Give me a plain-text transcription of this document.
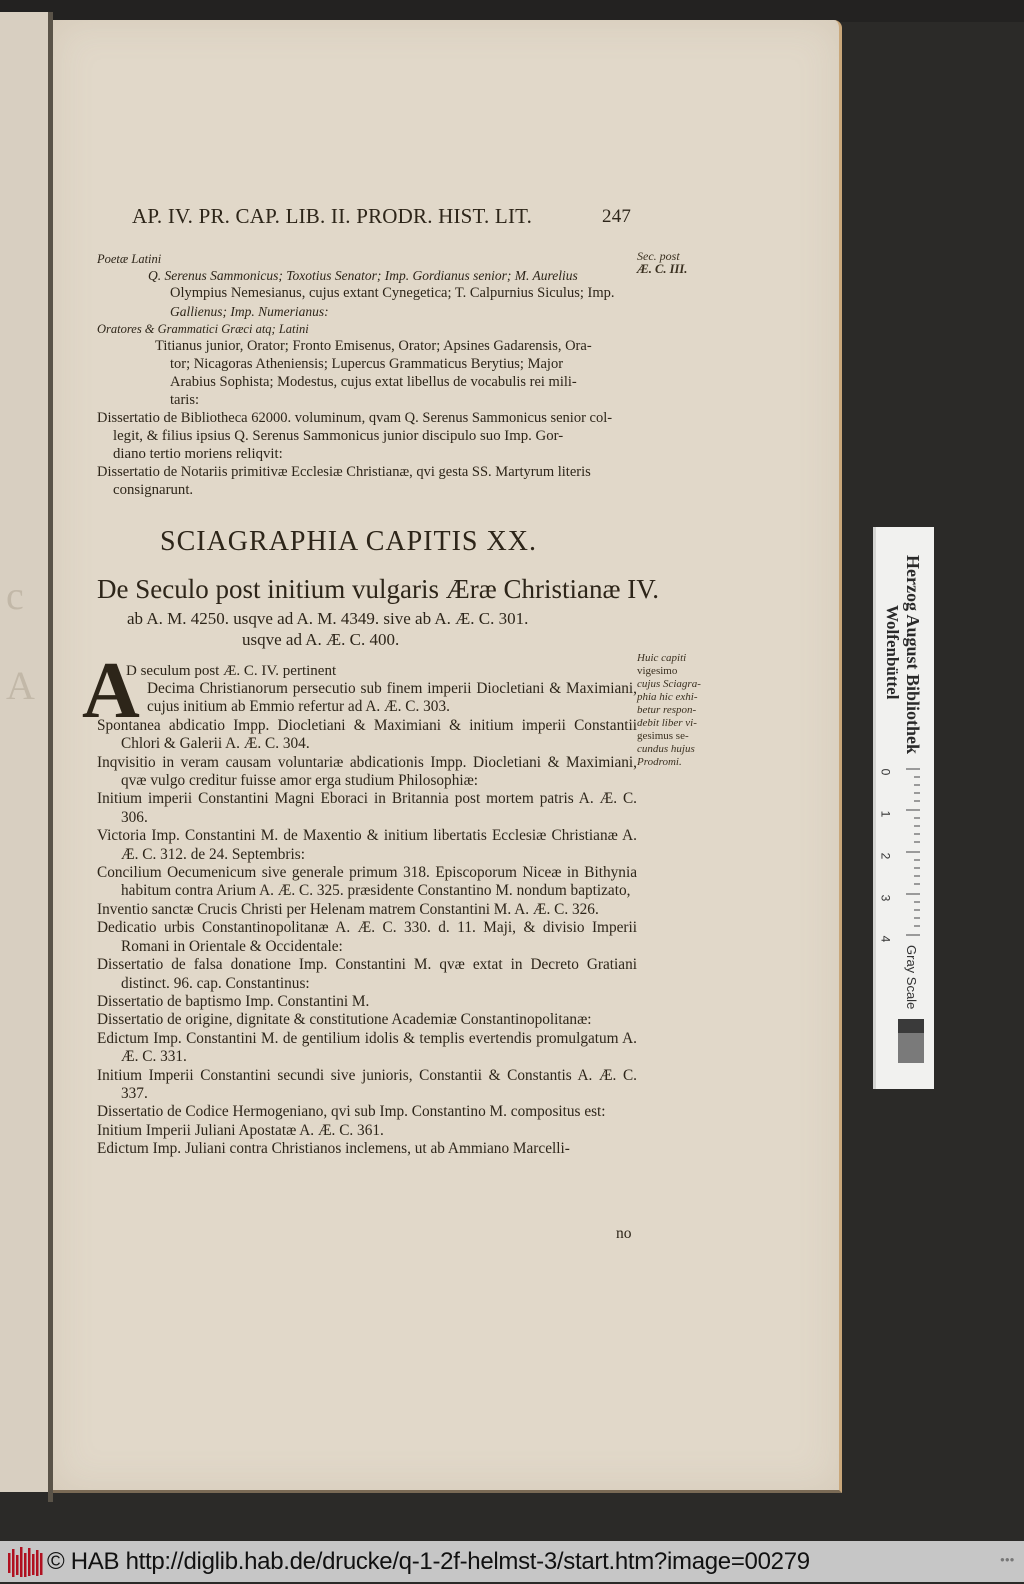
c
A
AP. IV. PR. CAP. LIB. II. PRODR. HIST. LIT.	247
Sec. post
Æ. C. III.
Poetæ Latini
Q. Serenus Sammonicus; Toxotius Senator; Imp. Gordianus senior; M. Aurelius
Olympius Nemesianus, cujus extant Cynegetica; T. Calpurnius Siculus; Imp.
Gallienus; Imp. Numerianus:
Oratores & Grammatici Græci atq; Latini
Titianus junior, Orator; Fronto Emisenus, Orator; Apsines Gadarensis, Ora-
tor; Nicagoras Atheniensis; Lupercus Grammaticus Berytius; Major
Arabius Sophista; Modestus, cujus extat libellus de vocabulis rei mili-
taris:
Dissertatio de Bibliotheca 62000. voluminum, qvam Q. Serenus Sammonicus senior col-
legit, & filius ipsius Q. Serenus Sammonicus junior discipulo suo Imp. Gor-
diano tertio moriens reliqvit:
Dissertatio de Notariis primitivæ Ecclesiæ Christianæ, qvi gesta SS. Martyrum literis
consignarunt.
SCIAGRAPHIA CAPITIS XX.
De Seculo post initium vulgaris Æræ Christianæ IV.
ab A. M. 4250. usqve ad A. M. 4349. sive ab A. Æ. C. 301.
usqve ad A. Æ. C. 400.
A
D seculum post Æ. C. IV. pertinent
Huic capiti
vigesimo
cujus Sciagra-
phia hic exhi-
betur respon-
debit liber vi-
gesimus se-
cundus hujus
Prodromi.

Decima Christianorum persecutio sub finem imperii Diocletiani & Maximiani, cujus initium ab Emmio refertur ad A. Æ. C. 303.

Spontanea abdicatio Impp. Diocletiani & Maximiani & initium imperii Constantii Chlori & Galerii A. Æ. C. 304.

Inqvisitio in veram causam voluntariæ abdicationis Impp. Diocletiani & Maximiani, qvæ vulgo creditur fuisse amor erga studium Philosophiæ:

Initium imperii Constantini Magni Eboraci in Britannia post mortem patris A. Æ. C. 306.

Victoria Imp. Constantini M. de Maxentio & initium libertatis Ecclesiæ Christianæ A. Æ. C. 312. de 24. Septembris:

Concilium Oecumenicum sive generale primum 318. Episcoporum Niceæ in Bithynia habitum contra Arium A. Æ. C. 325. præsidente Constantino M. nondum baptizato,

Inventio sanctæ Crucis Christi per Helenam matrem Constantini M. A. Æ. C. 326.

Dedicatio urbis Constantinopolitanæ A. Æ. C. 330. d. 11. Maji, & divisio Imperii Romani in Orientale & Occidentale:

Dissertatio de falsa donatione Imp. Constantini M. qvæ extat in Decreto Gratiani distinct. 96. cap. Constantinus:

Dissertatio de baptismo Imp. Constantini M.

Dissertatio de origine, dignitate & constitutione Academiæ Constantinopolitanæ:

Edictum Imp. Constantini M. de gentilium idolis & templis evertendis promulgatum A. Æ. C. 331.

Initium Imperii Constantini secundi sive junioris, Constantii & Constantis A. Æ. C. 337.

Dissertatio de Codice Hermogeniano, qvi sub Imp. Constantino M. compositus est:

Initium Imperii Juliani Apostatæ A. Æ. C. 361.

Edictum Imp. Juliani contra Christianos inclemens, ut ab Ammiano Marcelli-

no
Herzog August Bibliothek
Wolfenbüttel
0
1
2
3
4
Gray Scale
© HAB http://diglib.hab.de/drucke/q-1-2f-helmst-3/start.htm?image=00279	●●●
